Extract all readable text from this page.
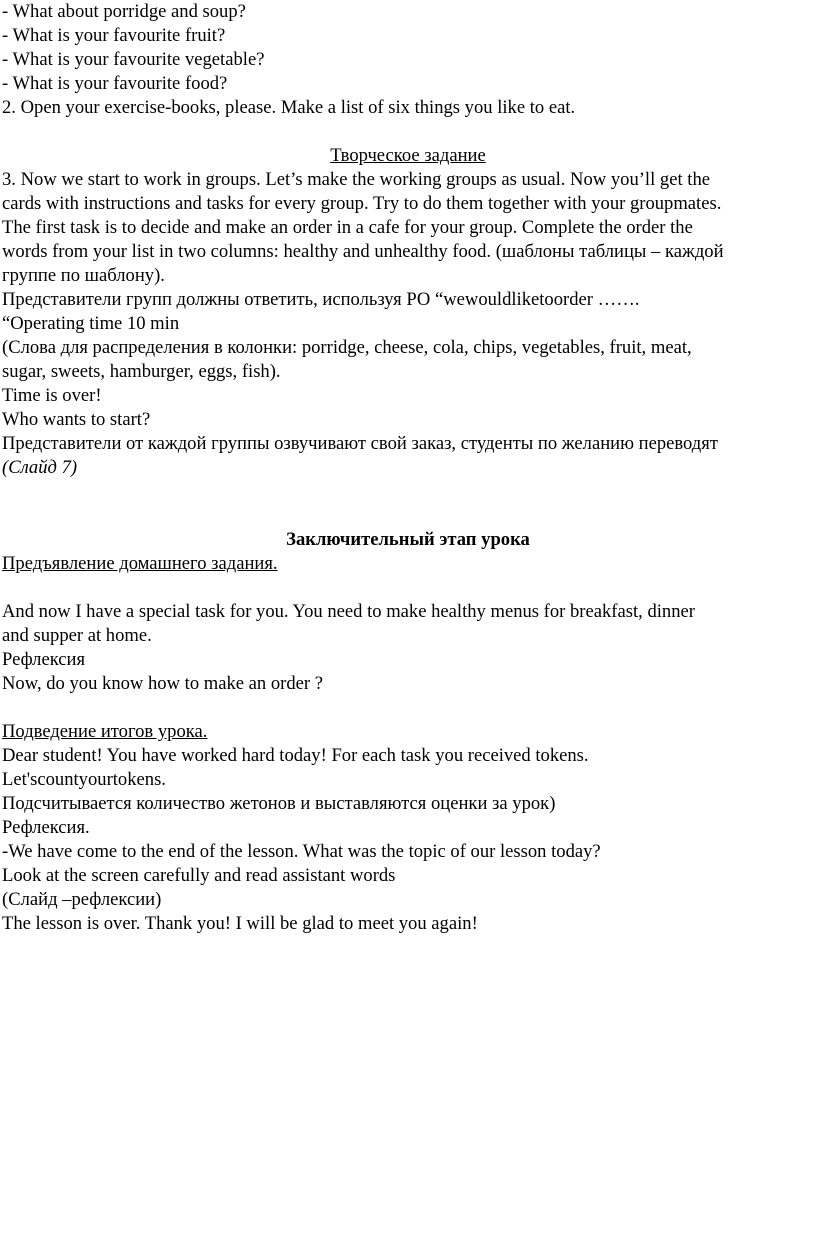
- What about porridge and soup?
- What is your favourite fruit?
- What is your favourite vegetable?
- What is your favourite food?
2. Open your exercise-books, please. Make a list of six things you like to eat.
Творческое задание
3. Now we start to work in groups. Let’s make the working groups as usual. Now you’ll get the
cards with instructions and tasks for every group. Try to do them together with your groupmates.
The first task is to decide and make an order in a cafe for your group. Complete the order the
words from your list in two columns: healthy and unhealthy food. (шаблоны таблицы – каждой
группе по шаблону).
Представители групп должны ответить, используя РО “wewouldliketoorder …….
“Operating time 10 min
(Слова для распределения в колонки: porridge, cheese, cola, chips, vegetables, fruit, meat,
sugar, sweets, hamburger, eggs, fish).
Time is over!
Who wants to start?
Представители от каждой группы озвучивают свой заказ, студенты по желанию переводят
(Слайд 7)
Заключительный этап урока
Предъявление домашнего задания.
And now I have a special task for you. You need to make healthy menus for breakfast, dinner
and supper at home.
Рефлексия
Now, do you know how to make an order ?
Подведение итогов урока.
Dear student! You have worked hard today! For each task you received tokens.
Let'scountyourtokens.
Подсчитывается количество жетонов и выставляются оценки за урок)
Рефлексия.
-We have come to the end of the lesson. What was the topic of our lesson today?
Look at the screen carefully and read assistant words
(Слайд –рефлексии)
The lesson is over. Thank you! I will be glad to meet you again!
